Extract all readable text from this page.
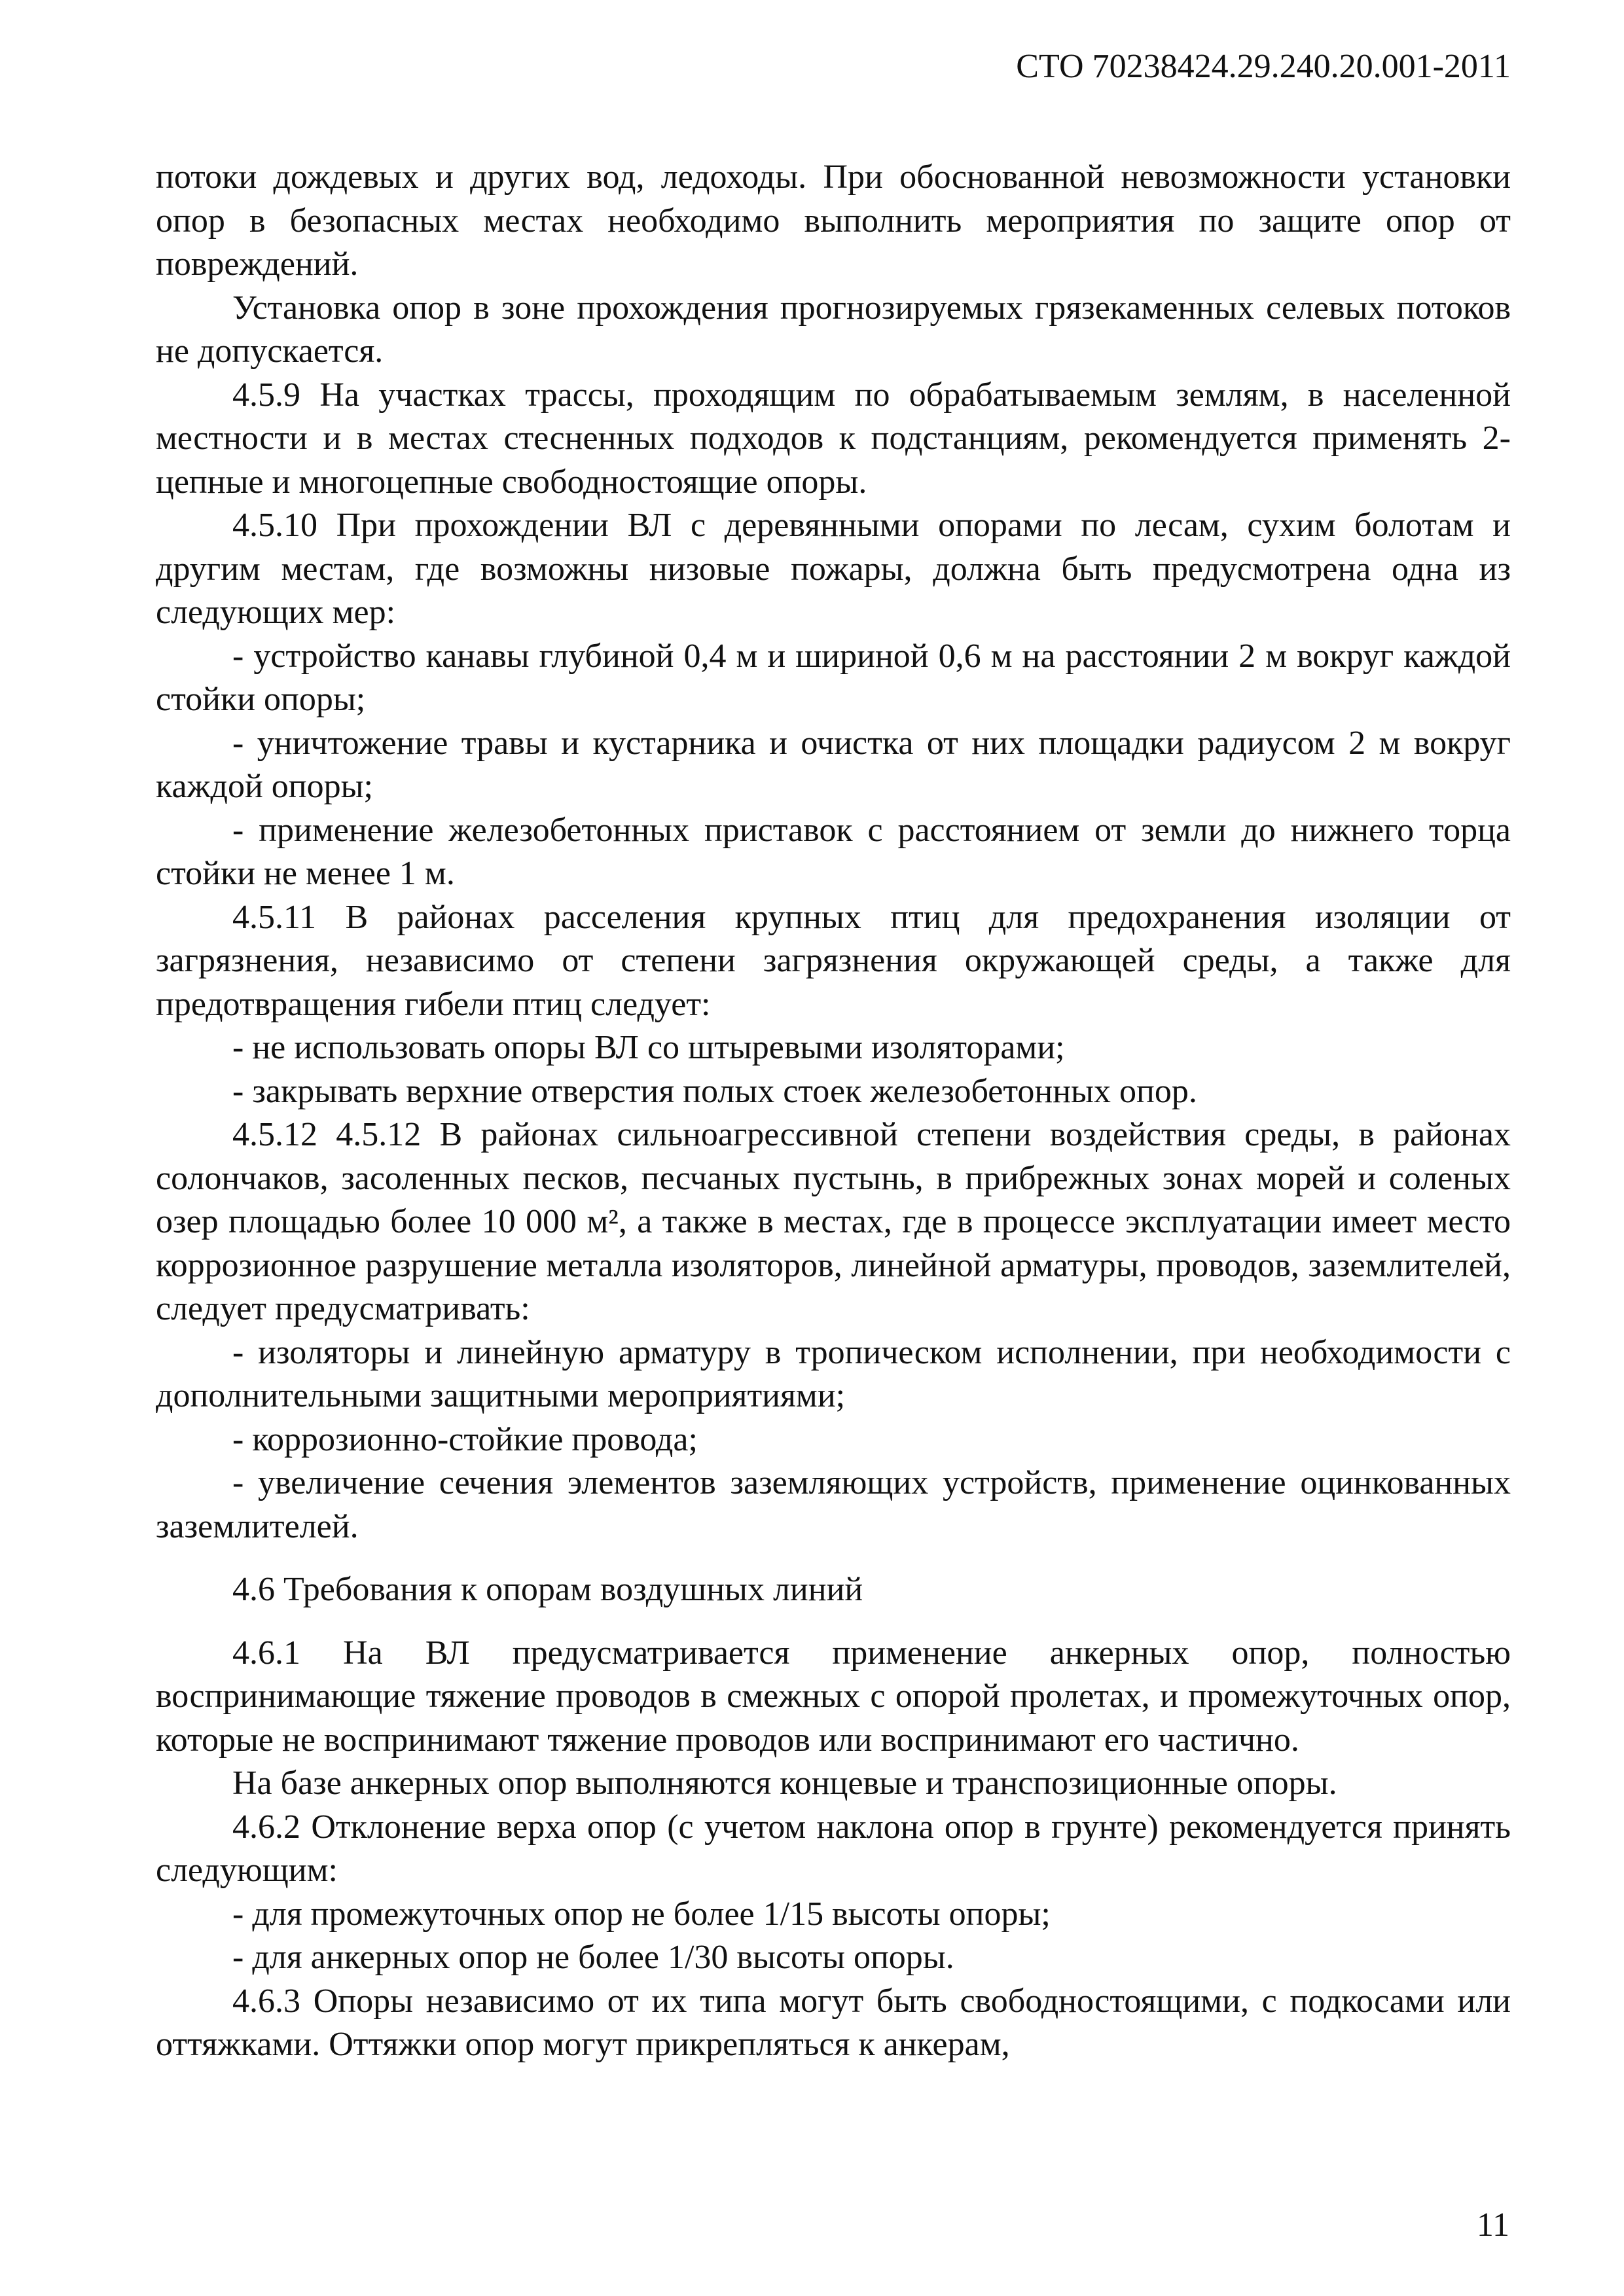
СТО 70238424.29.240.20.001-2011

потоки дождевых и других вод, ледоходы. При обоснованной невозможности установки опор в безопасных местах необходимо выполнить мероприятия по защите опор от повреждений.

Установка опор в зоне прохождения прогнозируемых грязекаменных селевых потоков не допускается.

4.5.9 На участках трассы, проходящим по обрабатываемым землям, в населенной местности и в местах стесненных подходов к подстанциям, рекомендуется применять 2-цепные и многоцепные свободностоящие опоры.

4.5.10 При прохождении ВЛ с деревянными опорами по лесам, сухим болотам и другим местам, где возможны низовые пожары, должна быть предусмотрена одна из следующих мер:

- устройство канавы глубиной 0,4 м и шириной 0,6 м на расстоянии 2 м вокруг каждой стойки опоры;

- уничтожение травы и кустарника и очистка от них площадки радиусом 2 м вокруг каждой опоры;

- применение железобетонных приставок с расстоянием от земли до нижнего торца стойки не менее 1 м.

4.5.11 В районах расселения крупных птиц для предохранения изоляции от загрязнения, независимо от степени загрязнения окружающей среды, а также для предотвращения гибели птиц следует:

- не использовать опоры ВЛ со штыревыми изоляторами;

- закрывать верхние отверстия полых стоек железобетонных опор.

4.5.12 4.5.12 В районах сильноагрессивной степени воздействия среды, в районах солончаков, засоленных песков, песчаных пустынь, в прибрежных зонах морей и соленых озер площадью более 10 000 м², а также в местах, где в процессе эксплуатации имеет место коррозионное разрушение металла изоляторов, линейной арматуры, проводов, заземлителей, следует предусматривать:

- изоляторы и линейную арматуру в тропическом исполнении, при необходимости с дополнительными защитными мероприятиями;

- коррозионно-стойкие провода;

- увеличение сечения элементов заземляющих устройств, применение оцинкованных заземлителей.

4.6 Требования к опорам воздушных линий

4.6.1 На ВЛ предусматривается применение анкерных опор, полностью воспринимающие тяжение проводов в смежных с опорой пролетах, и промежуточных опор, которые не воспринимают тяжение проводов или воспринимают его частично.

На базе анкерных опор выполняются концевые и транспозиционные опоры.

4.6.2 Отклонение верха опор (с учетом наклона опор в грунте) рекомендуется принять следующим:

- для промежуточных опор не более 1/15 высоты опоры;

- для анкерных опор не более 1/30 высоты опоры.

4.6.3 Опоры независимо от их типа могут быть свободностоящими, с подкосами или оттяжками. Оттяжки опор могут прикрепляться к анкерам,

11
